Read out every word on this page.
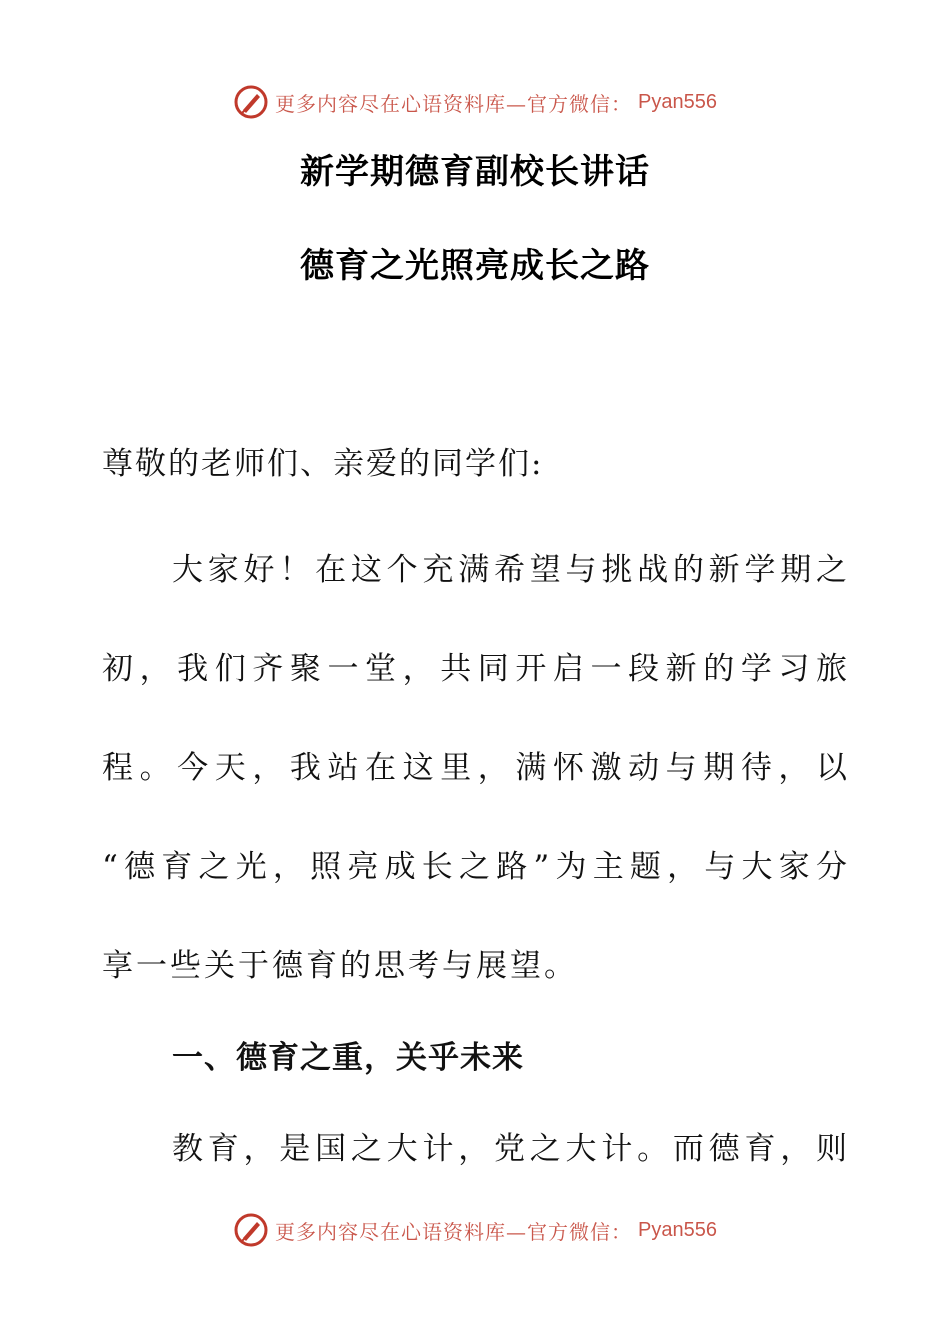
更多内容尽在心语资料库—官方微信： Pyan556
新学期德育副校长讲话
德育之光照亮成长之路
尊敬的老师们、亲爱的同学们:
大家好！在这个充满希望与挑战的新学期之
初，我们齐聚一堂，共同开启一段新的学习旅
程。今天，我站在这里，满怀激动与期待，以
“德育之光，照亮成长之路”为主题，与大家分
享一些关于德育的思考与展望。
一、德育之重，关乎未来
教育，是国之大计，党之大计。而德育，则
更多内容尽在心语资料库—官方微信： Pyan556
